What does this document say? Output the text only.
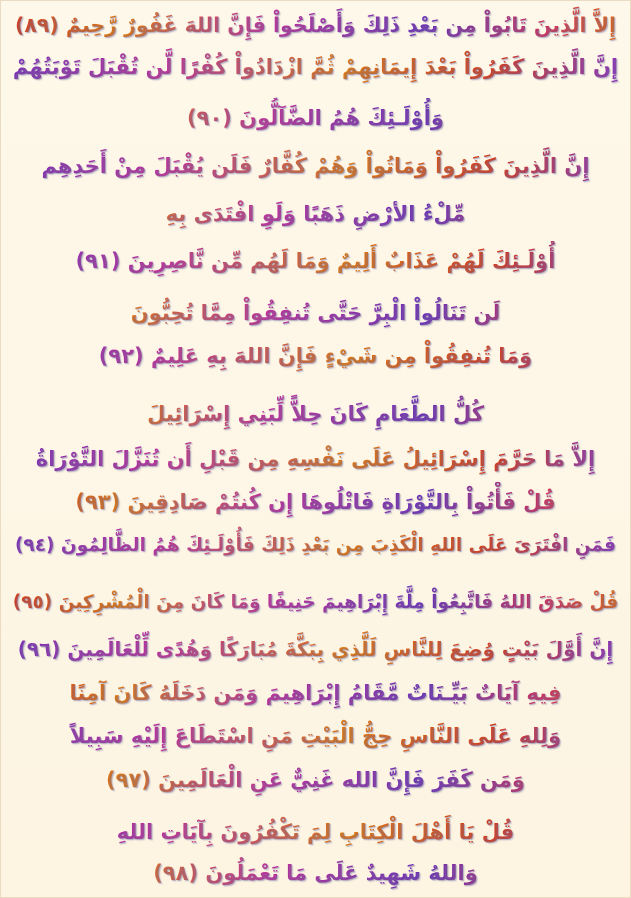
إِلاَّ الَّذِينَ تَابُواْ مِن بَعْدِ ذَلِكَ وَأَصْلَحُواْ فَإِنَّ اللهَ غَفُورٌ رَّحِيمٌ (٨٩)
إِنَّ الَّذِينَ كَفَرُواْ بَعْدَ إِيمَانِهِمْ ثُمَّ ازْدَادُواْ كُفْرًا لَّن تُقْبَلَ تَوْبَتُهُمْ
وَأُوْلَـئِكَ هُمُ الضَّآلُّونَ (٩٠)
إِنَّ الَّذِينَ كَفَرُواْ وَمَاتُواْ وَهُمْ كُفَّارٌ فَلَن يُقْبَلَ مِنْ أَحَدِهِم
مِّلْءُ الأرْضِ ذَهَبًا وَلَوِ افْتَدَى بِهِ
أُوْلَـئِكَ لَهُمْ عَذَابٌ أَلِيمٌ وَمَا لَهُم مِّن نَّاصِرِينَ (٩١)
لَن تَنَالُواْ الْبِرَّ حَتَّى تُنفِقُواْ مِمَّا تُحِبُّونَ
وَمَا تُنفِقُواْ مِن شَيْءٍ فَإِنَّ اللهَ بِهِ عَلِيمٌ (٩٢)
كُلُّ الطَّعَامِ كَانَ حِلاًّ لِّبَنِي إِسْرَائِيلَ
إِلاَّ مَا حَرَّمَ إِسْرَائِيلُ عَلَى نَفْسِهِ مِن قَبْلِ أَن تُنَزَّلَ التَّوْرَاةُ
قُلْ فَأْتُواْ بِالتَّوْرَاةِ فَاتْلُوهَا إِن كُنتُمْ صَادِقِينَ (٩٣)
فَمَنِ افْتَرَىَ عَلَى اللهِ الْكَذِبَ مِن بَعْدِ ذَلِكَ فَأُوْلَـئِكَ هُمُ الظَّالِمُونَ (٩٤)
قُلْ صَدَقَ اللهُ فَاتَّبِعُواْ مِلَّةَ إِبْرَاهِيمَ حَنِيفًا وَمَا كَانَ مِنَ الْمُشْرِكِينَ (٩٥)
إِنَّ أَوَّلَ بَيْتٍ وُضِعَ لِلنَّاسِ لَلَّذِي بِبَكَّةَ مُبَارَكًا وَهُدًى لِّلْعَالَمِينَ (٩٦)
فِيهِ آيَاتٌ بَيِّـنَاتٌ مَّقَامُ إِبْرَاهِيمَ وَمَن دَخَلَهُ كَانَ آمِنًا
وَلِلهِ عَلَى النَّاسِ حِجُّ الْبَيْتِ مَنِ اسْتَطَاعَ إِلَيْهِ سَبِيلاً
وَمَن كَفَرَ فَإِنَّ الله غَنِيٌّ عَنِ الْعَالَمِينَ (٩٧)
قُلْ يَا أَهْلَ الْكِتَابِ لِمَ تَكْفُرُونَ بِآيَاتِ اللهِ
وَاللهُ شَهِيدٌ عَلَى مَا تَعْمَلُونَ (٩٨)
